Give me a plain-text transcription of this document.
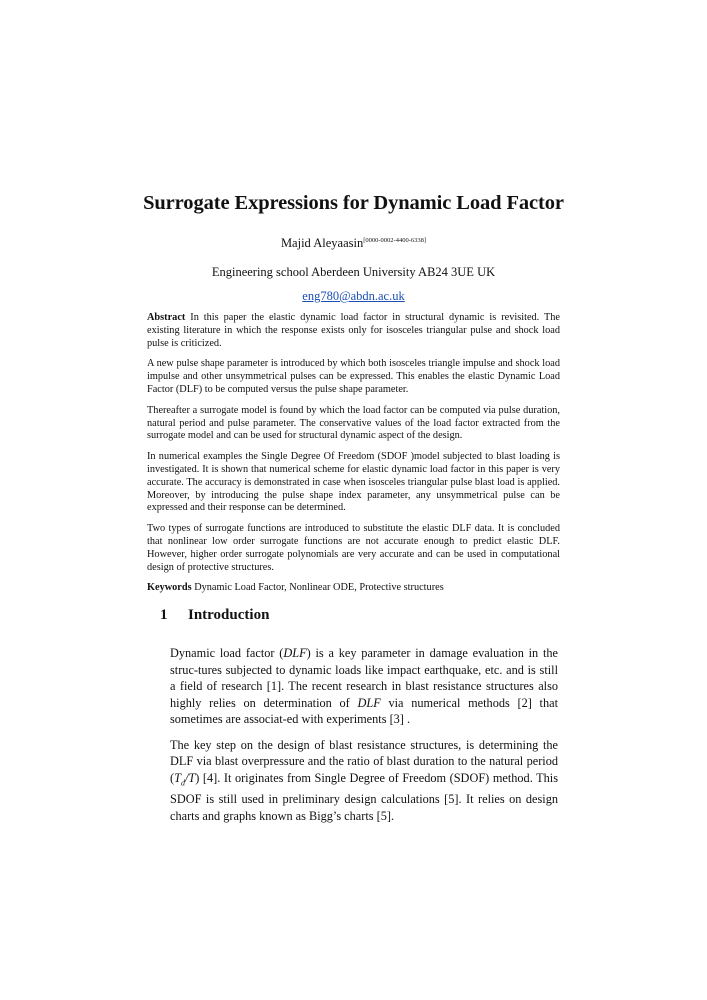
Surrogate Expressions for Dynamic Load Factor
Majid Aleyaasin[0000-0002-4400-6338]
Engineering school Aberdeen University AB24 3UE UK
eng780@abdn.ac.uk

Abstract In this paper the elastic dynamic load factor in structural dynamic is revisited. The existing literature in which the response exists only for isosceles triangular pulse and shock load pulse is criticized.

A new pulse shape parameter is introduced by which both isosceles triangle impulse and shock load impulse and other unsymmetrical pulses can be expressed. This enables the elastic Dynamic Load Factor (DLF) to be computed versus the pulse shape parameter.

Thereafter a surrogate model is found by which the load factor can be computed via pulse duration, natural period and pulse parameter. The conservative values of the load factor extracted from the surrogate model and can be used for structural dynamic aspect of the design.

In numerical examples the Single Degree Of Freedom (SDOF )model subjected to blast loading is investigated. It is shown that numerical scheme for elastic dynamic load factor in this paper is very accurate. The accuracy is demonstrated in case when isosceles triangular pulse blast load is applied. Moreover, by introducing the pulse shape index parameter, any unsymmetrical pulse can be expressed and their response can be determined.

Two types of surrogate functions are introduced to substitute the elastic DLF data. It is concluded that nonlinear low order surrogate functions are not accurate enough to predict elastic DLF. However, higher order surrogate polynomials are very accurate and can be used in computational design of protective structures.

Keywords Dynamic Load Factor, Nonlinear ODE, Protective structures

1 Introduction

Dynamic load factor (DLF) is a key parameter in damage evaluation in the struc-tures subjected to dynamic loads like impact earthquake, etc. and is still a field of research [1]. The recent research in blast resistance structures also highly relies on determination of DLF via numerical methods [2] that sometimes are associat-ed with experiments [3] .

The key step on the design of blast resistance structures, is determining the DLF via blast overpressure and the ratio of blast duration to the natural period $(T_d/T)$ [4]. It originates from Single Degree of Freedom (SDOF) method. This SDOF is still used in preliminary design calculations [5]. It relies on design charts and graphs known as Bigg’s charts [5].
